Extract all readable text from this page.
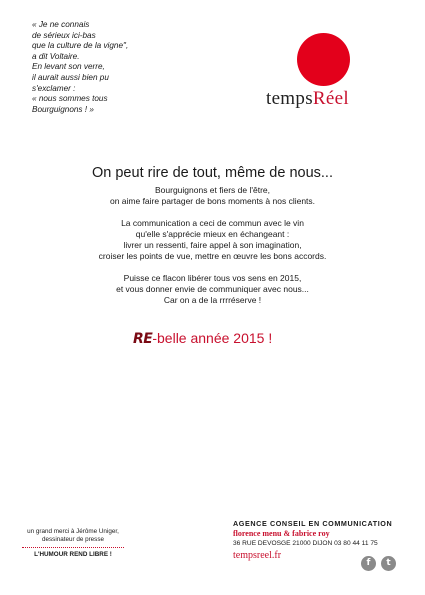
« Je ne connais
de sérieux ici-bas
que la culture de la vigne",
a dit Voltaire.
En levant son verre,
il aurait aussi bien pu
s'exclamer :
« nous sommes tous
Bourguignons ! »
tempsRéel
On peut rire de tout, même de nous...
Bourguignons et fiers de l'être,
on aime faire partager de bons moments à nos clients.
La communication a ceci de commun avec le vin
qu'elle s'apprécie mieux en échangeant :
livrer un ressenti, faire appel à son imagination,
croiser les points de vue, mettre en œuvre les bons accords.
Puisse ce flacon libérer tous vos sens en 2015,
et vous donner envie de communiquer avec nous...
Car on a de la rrrréserve !
RE-belle année 2015 !
un grand merci à Jérôme Uniger,
dessinateur de presse
L'HUMOUR REND LIBRE !
AGENCE CONSEIL EN COMMUNICATION
florence menu & fabrice roy
36 RUE DEVOSGE 21000 DIJON 03 80 44 11 75
tempsreel.fr
f	t
